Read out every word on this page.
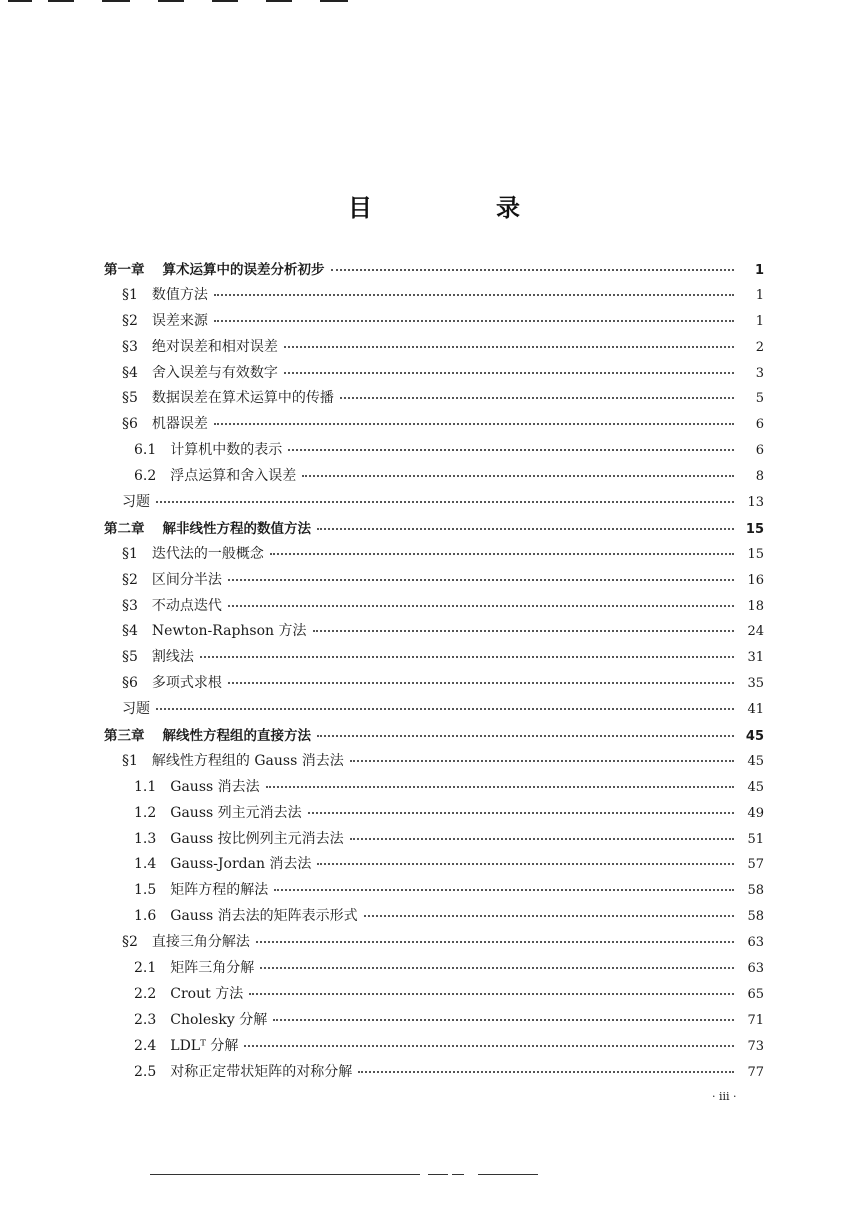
目　录
第一章 算术运算中的误差分析初步	1
§1 数值方法	1
§2 误差来源	1
§3 绝对误差和相对误差	2
§4 舍入误差与有效数字	3
§5 数据误差在算术运算中的传播	5
§6 机器误差	6
6.1 计算机中数的表示	6
6.2 浮点运算和舍入误差	8
习题	13
第二章 解非线性方程的数值方法	15
§1 迭代法的一般概念	15
§2 区间分半法	16
§3 不动点迭代	18
§4 Newton-Raphson 方法	24
§5 割线法	31
§6 多项式求根	35
习题	41
第三章 解线性方程组的直接方法	45
§1 解线性方程组的 Gauss 消去法	45
1.1 Gauss 消去法	45
1.2 Gauss 列主元消去法	49
1.3 Gauss 按比例列主元消去法	51
1.4 Gauss-Jordan 消去法	57
1.5 矩阵方程的解法	58
1.6 Gauss 消去法的矩阵表示形式	58
§2 直接三角分解法	63
2.1 矩阵三角分解	63
2.2 Crout 方法	65
2.3 Cholesky 分解	71
2.4 LDLᵀ 分解	73
2.5 对称正定带状矩阵的对称分解	77
· iii ·
